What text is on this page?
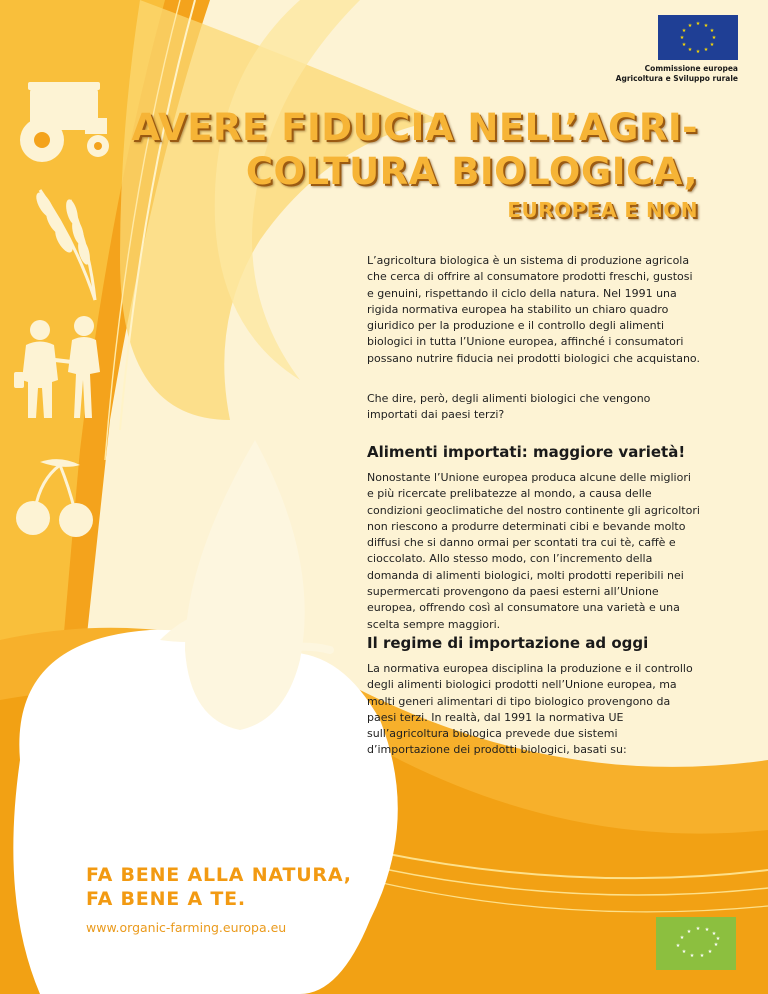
★ ★
★
★
★
★
★
★
★
★
★
★
Commissione europea
Agricoltura e Sviluppo rurale
AVERE FIDUCIA NELL’AGRI-
COLTURA BIOLOGICA,
EUROPEA E NON

L’agricoltura biologica è un sistema di produzione agricola che cerca di offrire al consumatore prodotti freschi, gustosi e genuini, rispettando il ciclo della natura. Nel 1991 una rigida normativa europea ha stabilito un chiaro quadro giuridico per la produzione e il controllo degli alimenti biologici in tutta l’Unione europea, affinché i consumatori possano nutrire fiducia nei prodotti biologici che acquistano.

Che dire, però, degli alimenti biologici che vengono importati dai paesi terzi?

Alimenti importati: maggiore varietà!

Nonostante l’Unione europea produca alcune delle migliori e più ricercate prelibatezze al mondo, a causa delle condizioni geoclimatiche del nostro continente gli agricoltori non riescono a produrre determinati cibi e bevande molto diffusi che si danno ormai per scontati tra cui tè, caffè e cioccolato. Allo stesso modo, con l’incremento della domanda di alimenti biologici, molti prodotti reperibili nei supermercati provengono da paesi esterni all’Unione europea, offrendo così al consumatore una varietà e una scelta sempre maggiori.

Il regime di importazione ad oggi

La normativa europea disciplina la produzione e il controllo degli alimenti biologici prodotti nell’Unione europea, ma molti generi alimentari di tipo biologico provengono da paesi terzi. In realtà, dal 1991 la normativa UE sull’agricoltura biologica prevede due sistemi d’importazione dei prodotti biologici, basati su:

FA BENE ALLA NATURA,
FA BENE A TE.
www.organic-farming.europa.eu
★
★
★ ★ ★
★
★
★ ★
★
★
★
